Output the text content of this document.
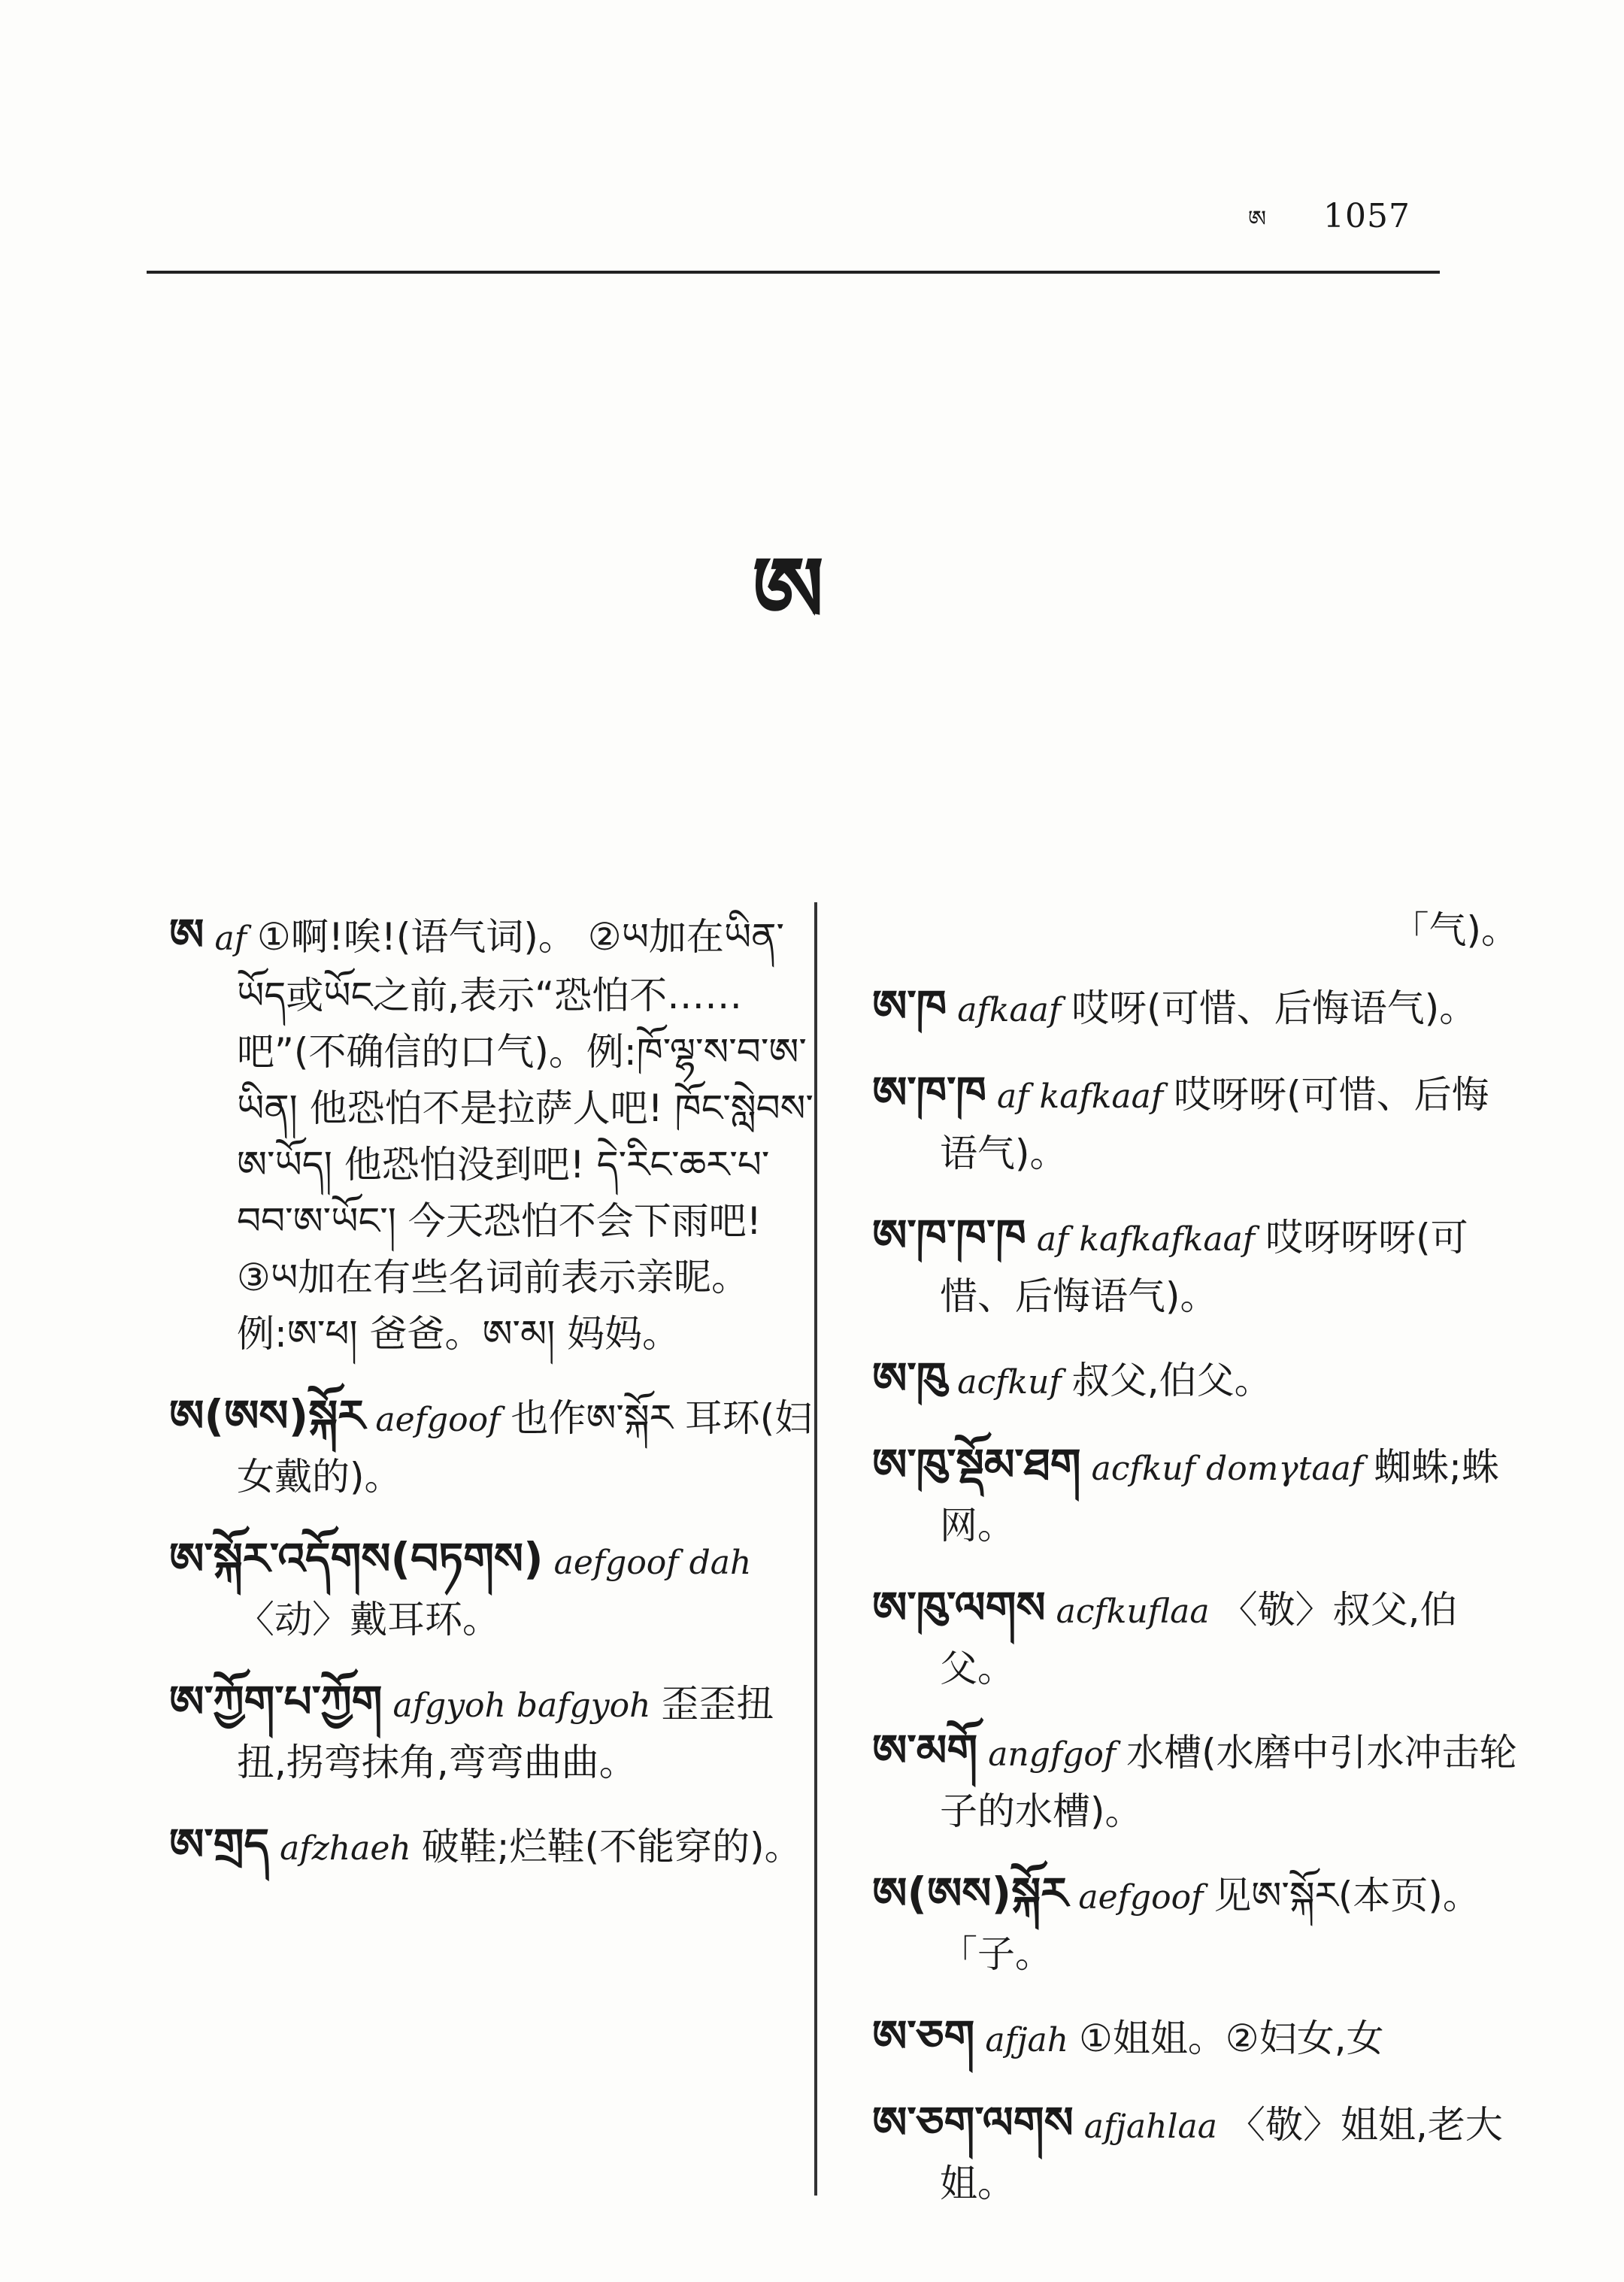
ཨ 1057
ཨ
ཨ af ①啊!唉!(语气词)。 ②ཡ加在ཡིན་ཡོད或ཡོང之前,表示“恐怕不……吧”(不确信的口气)。例:ཁོ་ལྷ་ས་བ་ཨ་ཡིན། 他恐怕不是拉萨人吧! ཁོང་སླེབས་ཨ་ཡོད། 他恐怕没到吧! དེ་རིང་ཆར་པ་བབ་ཨ་ཡོང་། 今天恐怕不会下雨吧! ③ཡ加在有些名词前表示亲昵。例:ཨ་ཕ། 爸爸。ཨ་མ། 妈妈。
ཨ(ཨས)སྐོར aefgoof 也作ཨ་སྐོར 耳环(妇女戴的)。
ཨ་སྐོར་འདོགས(བཏགས) aefgoof dah〈动〉戴耳环。
ཨ་ཀྱོག་པ་ཀྱོག afgyoh bafgyoh 歪歪扭扭,拐弯抹角,弯弯曲曲。
ཨ་གྲད afzhaeh 破鞋;烂鞋(不能穿的)。
「气)。
ཨ་ཁ afkaaf 哎呀(可惜、后悔语气)。
ཨ་ཁ་ཁ af kafkaaf 哎呀呀(可惜、后悔语气)。
ཨ་ཁ་ཁ་ཁ af kafkafkaaf 哎呀呀呀(可惜、后悔语气)。
ཨ་ཁུ acfkuf 叔父,伯父。
ཨ་ཁུ་སྡོམ་ཐག acfkuf domγtaaf 蜘蛛;蛛网。
ཨ་ཁུ་ལགས acfkuflaa 〈敬〉叔父,伯父。
ཨ་མགོ angfgof 水槽(水磨中引水冲击轮子的水槽)。
ཨ(ཨས)སྐོར aefgoof 见ཨ་སྐོར(本页)。「子。
ཨ་ཅག afjah ①姐姐。②妇女,女
ཨ་ཅག་ལགས afjahlaa 〈敬〉姐姐,老大姐。
